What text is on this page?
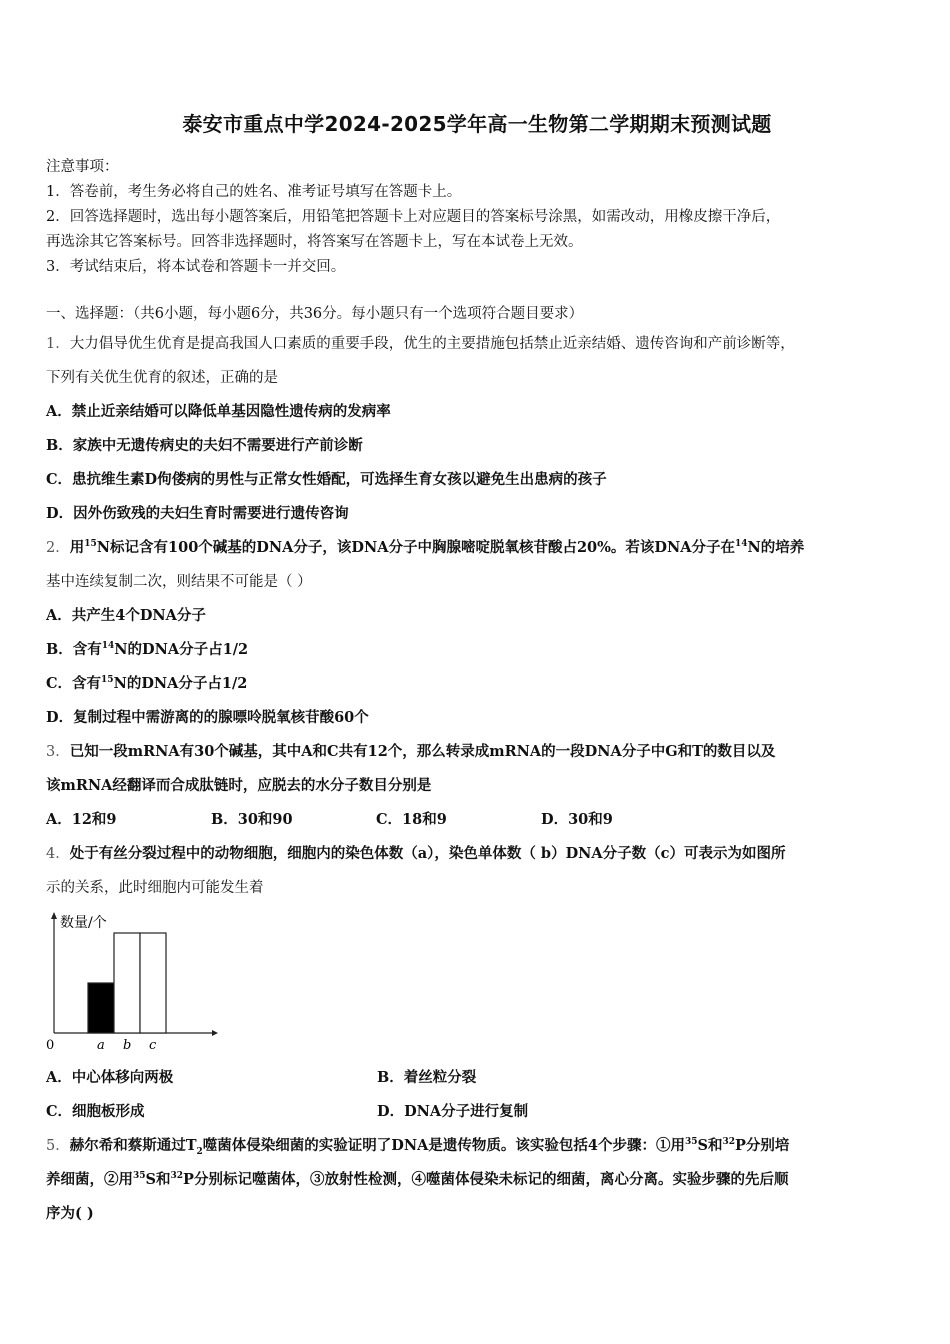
泰安市重点中学2024-2025学年高一生物第二学期期末预测试题
注意事项：
1．答卷前，考生务必将自己的姓名、准考证号填写在答题卡上。
2．回答选择题时，选出每小题答案后，用铅笔把答题卡上对应题目的答案标号涂黑，如需改动，用橡皮擦干净后，
再选涂其它答案标号。回答非选择题时，将答案写在答题卡上，写在本试卷上无效。
3．考试结束后，将本试卷和答题卡一并交回。
一、选择题：（共6小题，每小题6分，共36分。每小题只有一个选项符合题目要求）
1．大力倡导优生优育是提高我国人口素质的重要手段，优生的主要措施包括禁止近亲结婚、遗传咨询和产前诊断等，
下列有关优生优育的叙述，正确的是
A．禁止近亲结婚可以降低单基因隐性遗传病的发病率
B．家族中无遗传病史的夫妇不需要进行产前诊断
C．患抗维生素D佝偻病的男性与正常女性婚配，可选择生育女孩以避免生出患病的孩子
D．因外伤致残的夫妇生育时需要进行遗传咨询
2．用$^{15}$N标记含有100个碱基的DNA分子，该DNA分子中胸腺嘧啶脱氧核苷酸占20%。若该DNA分子在$^{14}$N的培养
基中连续复制二次，则结果不可能是（ ）
A．共产生4个DNA分子
B．含有$^{14}$N的DNA分子占1/2
C．含有$^{15}$N的DNA分子占1/2
D．复制过程中需游离的的腺嘌呤脱氧核苷酸60个
3．已知一段mRNA有30个碱基，其中A和C共有12个，那么转录成mRNA的一段DNA分子中G和T的数目以及
该mRNA经翻译而合成肽链时，应脱去的水分子数目分别是
A．12和9	B．30和90	C．18和9	D．30和9
4．处于有丝分裂过程中的动物细胞，细胞内的染色体数（a），染色单体数（ b）DNA分子数（c）可表示为如图所
示的关系，此时细胞内可能发生着
数量/个
0	a b c
A．中心体移向两极	B．着丝粒分裂
C．细胞板形成	D．DNA分子进行复制
5．赫尔希和蔡斯通过$T_2$噬菌体侵染细菌的实验证明了DNA是遗传物质。该实验包括4个步骤：①用$^{35}$S和$^{32}$P分别培
养细菌，②用$^{35}$S和$^{32}$P分别标记噬菌体，③放射性检测，④噬菌体侵染未标记的细菌，离心分离。实验步骤的先后顺
序为( )
